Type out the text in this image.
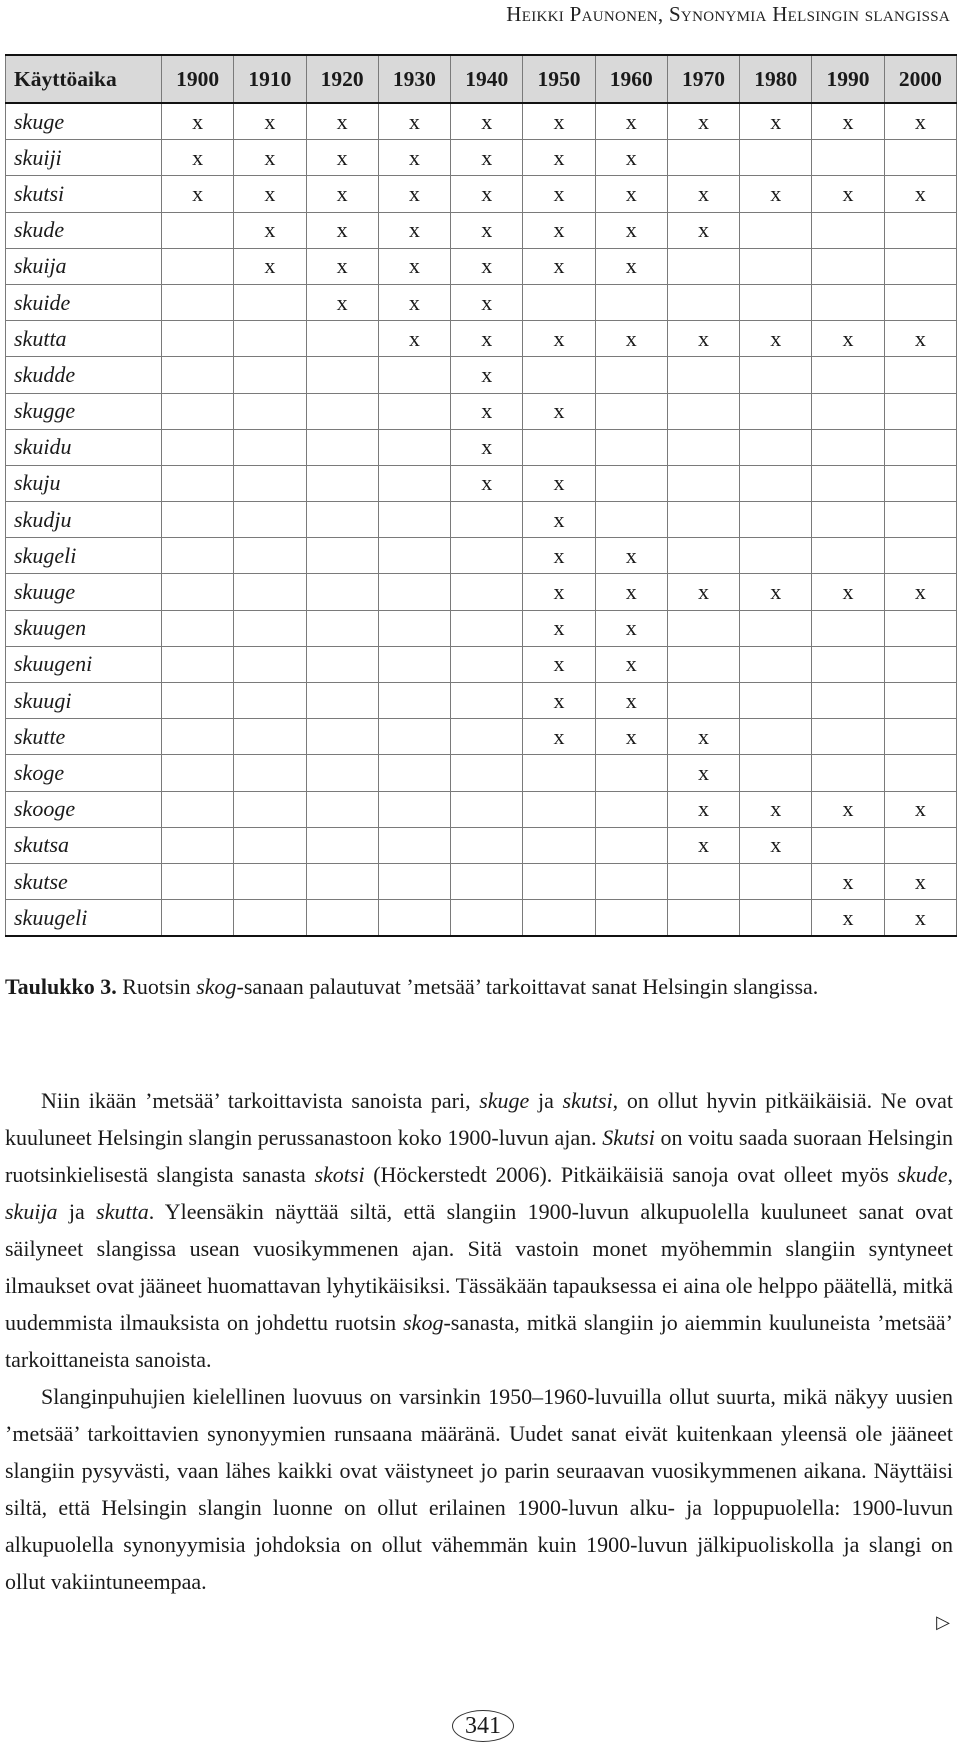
Heikki Paunonen, Synonymia Helsingin slangissa
Käyttöaika	1900	1910	1920	1930	1940	1950	1960	1970	1980	1990	2000
skuge	x	x	x	x	x	x	x	x	x	x	x
skuiji	x	x	x	x	x	x	x				
skutsi	x	x	x	x	x	x	x	x	x	x	x
skude		x	x	x	x	x	x	x			
skuija		x	x	x	x	x	x				
skuide			x	x	x						
skutta				x	x	x	x	x	x	x	x
skudde					x						
skugge					x	x					
skuidu					x						
skuju					x	x					
skudju						x					
skugeli						x	x				
skuuge						x	x	x	x	x	x
skuugen						x	x				
skuugeni						x	x				
skuugi						x	x				
skutte						x	x	x			
skoge								x			
skooge								x	x	x	x
skutsa								x	x		
skutse										x	x
skuugeli										x	x
Taulukko 3. Ruotsin skog-sanaan palautuvat ’metsää’ tarkoittavat sanat Helsingin slangissa.

Niin ikään ’metsää’ tarkoittavista sanoista pari, skuge ja skutsi, on ollut hyvin pitkäikäisiä. Ne ovat kuuluneet Helsingin slangin perussanastoon koko 1900-luvun ajan. Skutsi on voitu saada suoraan Helsingin ruotsinkielisestä slangista sanasta skotsi (Höckerstedt 2006). Pitkäikäisiä sanoja ovat olleet myös skude, skuija ja skutta. Yleensäkin näyttää siltä, että slangiin 1900-luvun alkupuolella kuuluneet sanat ovat säilyneet slangissa usean vuosikymmenen ajan. Sitä vastoin monet myöhemmin slangiin syntyneet ilmaukset ovat jääneet huomattavan lyhytikäisiksi. Tässäkään tapauksessa ei aina ole helppo päätellä, mitkä uudemmista ilmauksista on johdettu ruotsin skog-sanasta, mitkä slangiin jo aiemmin kuuluneista ’metsää’ tarkoittaneista sanoista.

Slanginpuhujien kielellinen luovuus on varsinkin 1950–1960-luvuilla ollut suurta, mikä näkyy uusien ’metsää’ tarkoittavien synonyymien runsaana määränä. Uudet sanat eivät kuitenkaan yleensä ole jääneet slangiin pysyvästi, vaan lähes kaikki ovat väistyneet jo parin seuraavan vuosikymmenen aikana. Näyttäisi siltä, että Helsingin slangin luonne on ollut erilainen 1900-luvun alku- ja loppupuolella: 1900-luvun alkupuolella synonyymisia johdoksia on ollut vähemmän kuin 1900-luvun jälkipuoliskolla ja slangi on ollut vakiintuneempaa.

▷
341
